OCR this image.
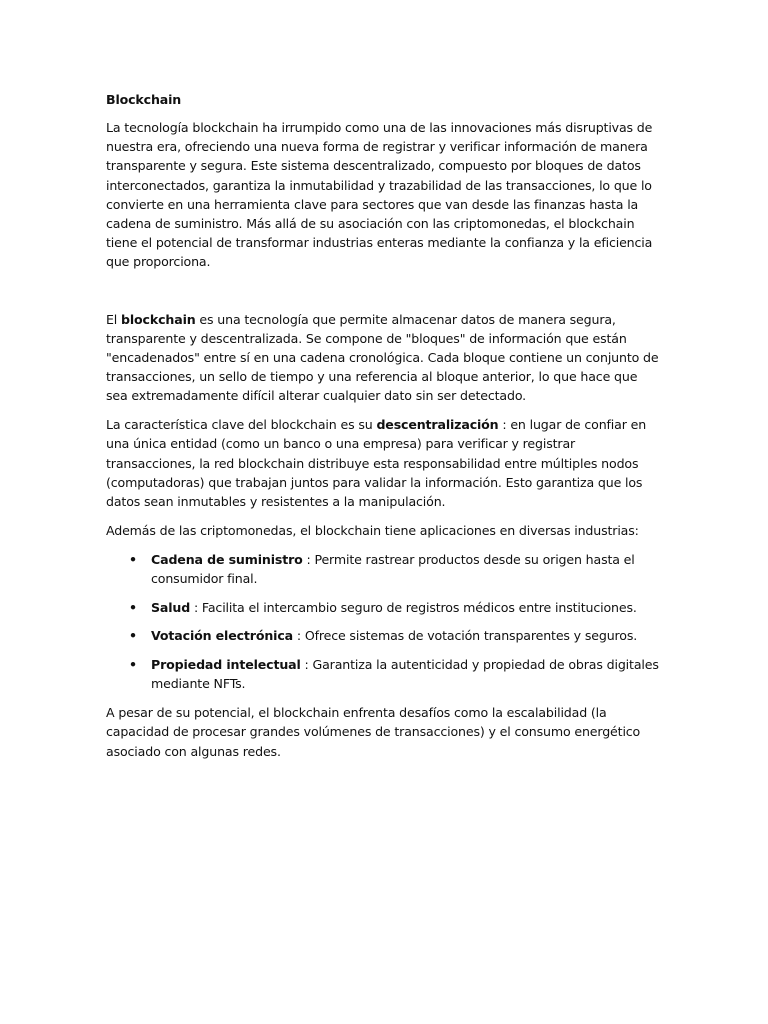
Blockchain

La tecnología blockchain ha irrumpido como una de las innovaciones más disruptivas de nuestra era, ofreciendo una nueva forma de registrar y verificar información de manera transparente y segura. Este sistema descentralizado, compuesto por bloques de datos interconectados, garantiza la inmutabilidad y trazabilidad de las transacciones, lo que lo convierte en una herramienta clave para sectores que van desde las finanzas hasta la cadena de suministro. Más allá de su asociación con las criptomonedas, el blockchain tiene el potencial de transformar industrias enteras mediante la confianza y la eficiencia que proporciona.

El blockchain es una tecnología que permite almacenar datos de manera segura, transparente y descentralizada. Se compone de "bloques" de información que están "encadenados" entre sí en una cadena cronológica. Cada bloque contiene un conjunto de transacciones, un sello de tiempo y una referencia al bloque anterior, lo que hace que sea extremadamente difícil alterar cualquier dato sin ser detectado.

La característica clave del blockchain es su descentralización : en lugar de confiar en una única entidad (como un banco o una empresa) para verificar y registrar transacciones, la red blockchain distribuye esta responsabilidad entre múltiples nodos (computadoras) que trabajan juntos para validar la información. Esto garantiza que los datos sean inmutables y resistentes a la manipulación.

Además de las criptomonedas, el blockchain tiene aplicaciones en diversas industrias:

• Cadena de suministro : Permite rastrear productos desde su origen hasta el consumidor final.
• Salud : Facilita el intercambio seguro de registros médicos entre instituciones.
• Votación electrónica : Ofrece sistemas de votación transparentes y seguros.
• Propiedad intelectual : Garantiza la autenticidad y propiedad de obras digitales mediante NFTs.

A pesar de su potencial, el blockchain enfrenta desafíos como la escalabilidad (la capacidad de procesar grandes volúmenes de transacciones) y el consumo energético asociado con algunas redes.
